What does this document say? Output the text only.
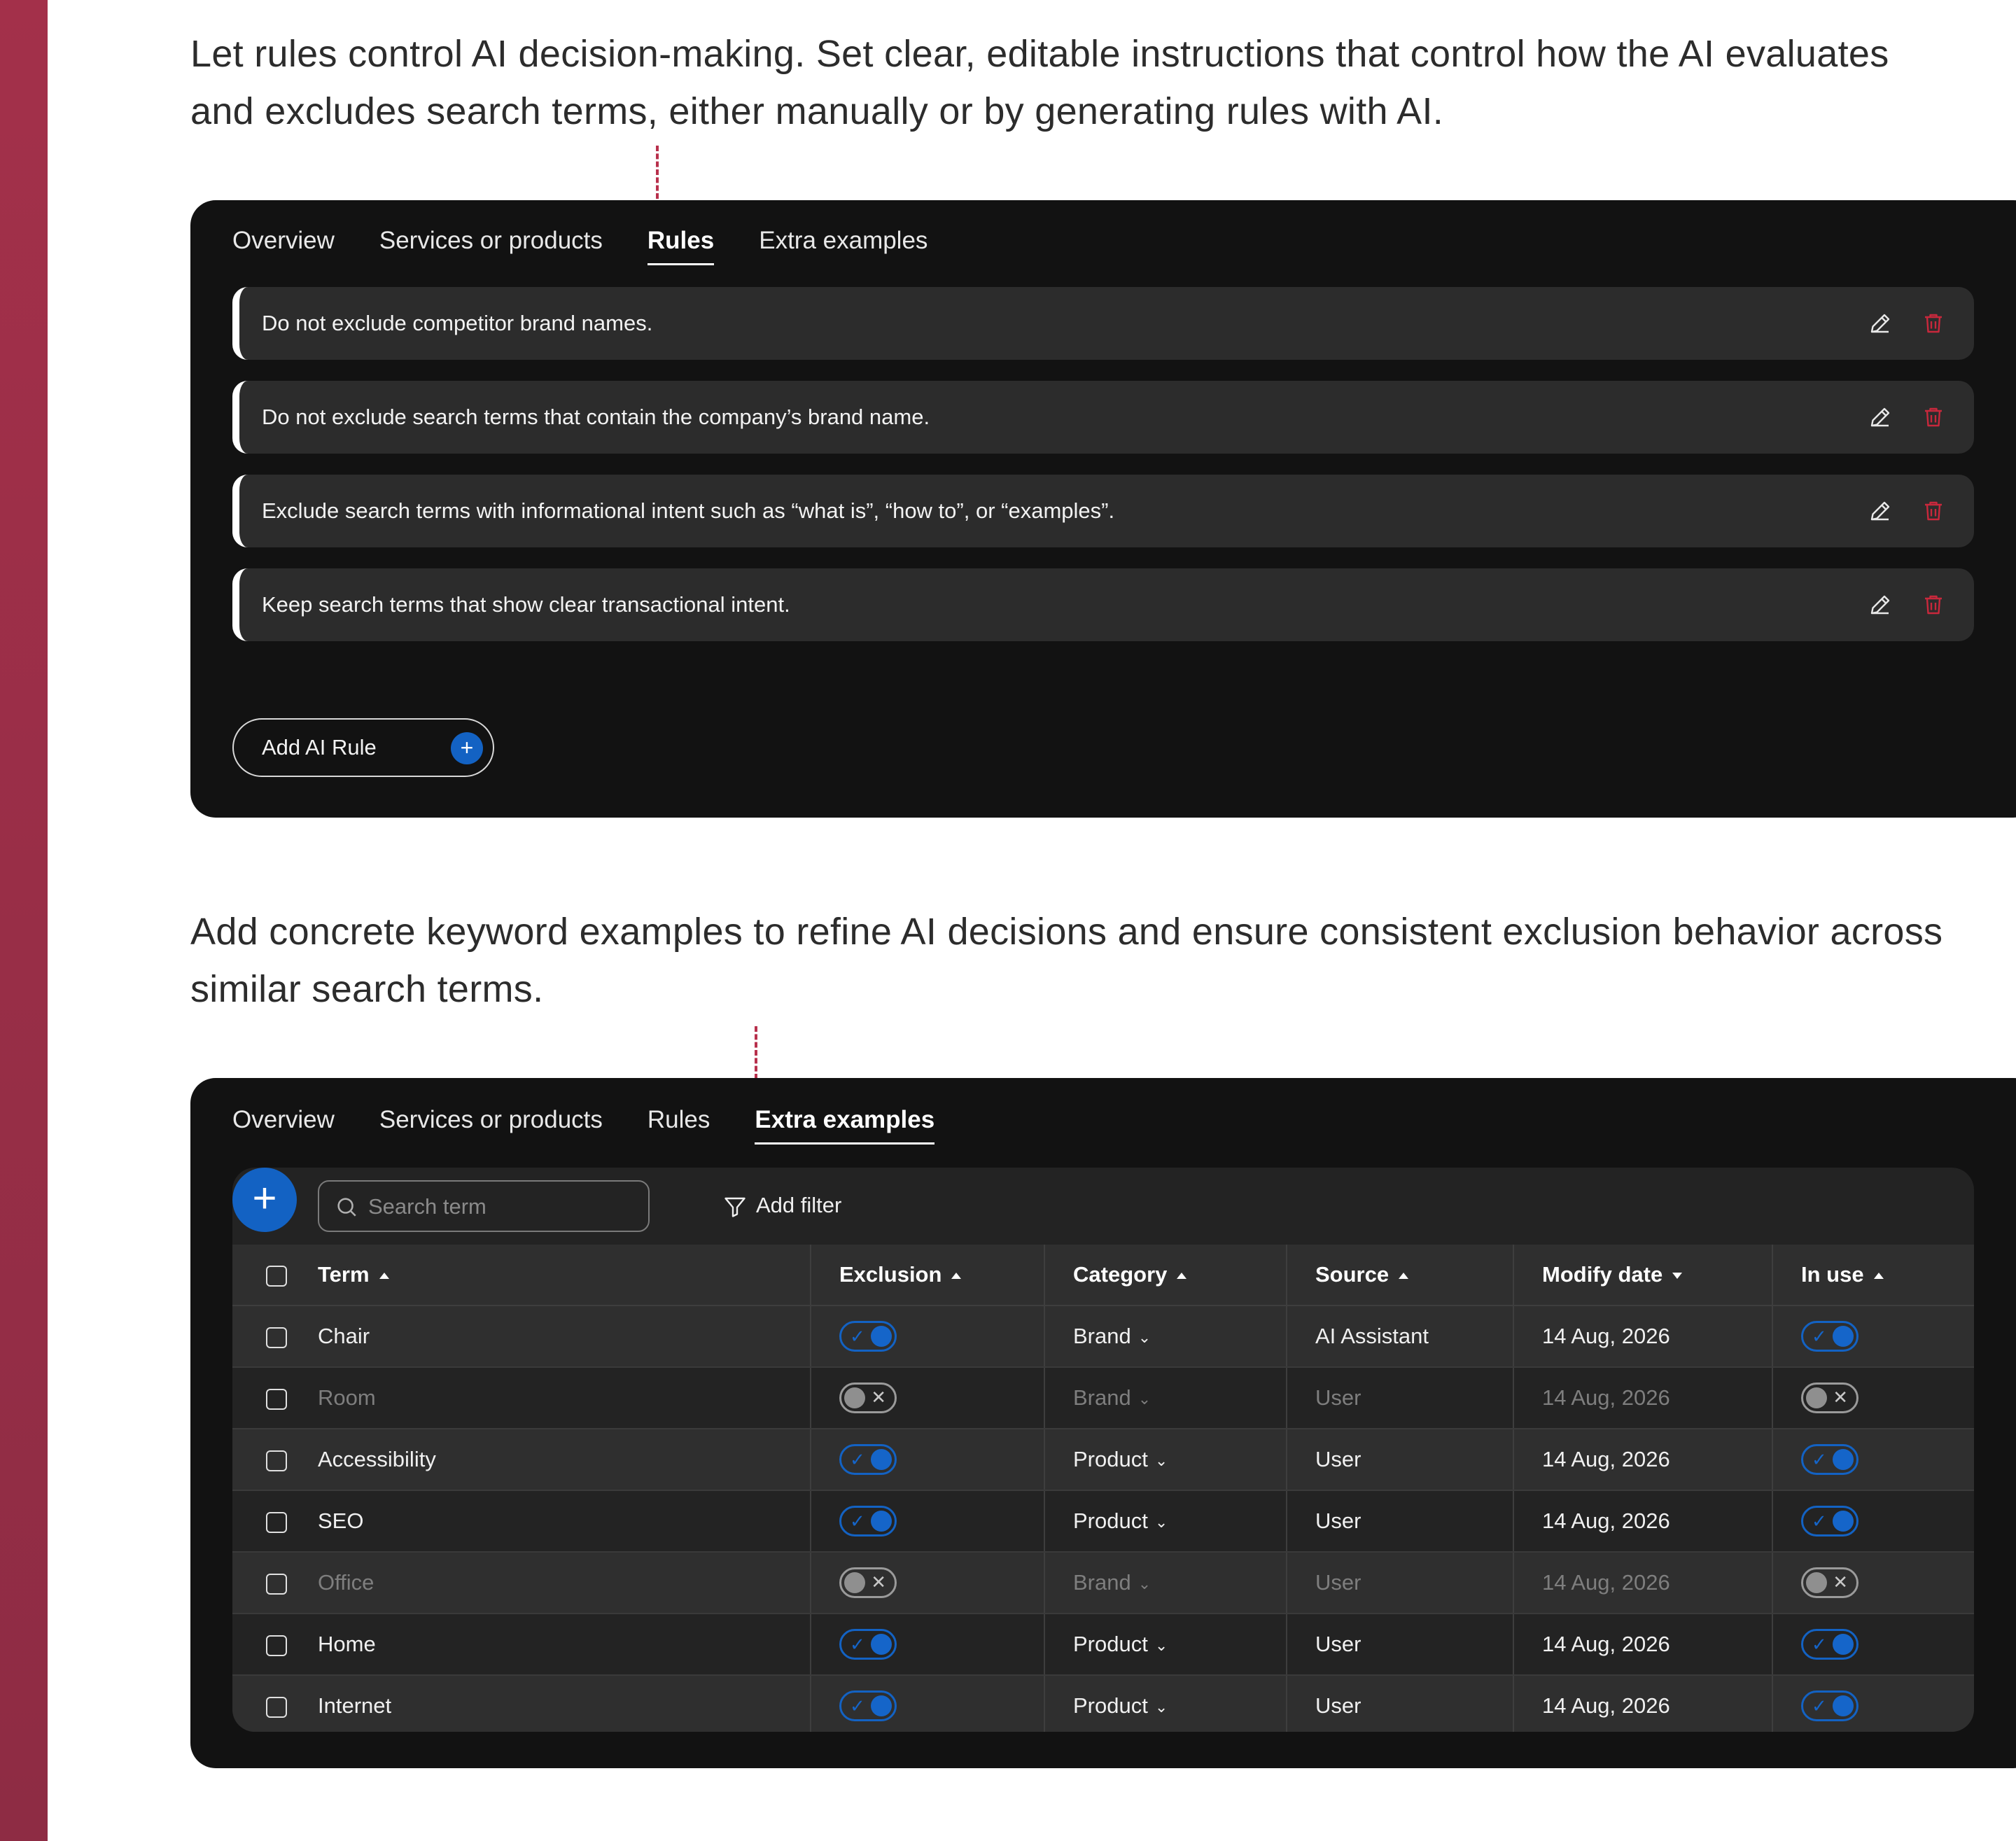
Let rules control AI decision-making. Set clear, editable instructions that control how the AI evaluates and excludes search terms, either manually or by generating rules with AI.

Overview Services or products Rules Extra examples
Do not exclude competitor brand names.
Do not exclude search terms that contain the company’s brand name.
Exclude search terms with informational intent such as “what is”, “how to”, or “examples”.
Keep search terms that show clear transactional intent.
Add AI Rule	+

Add concrete keyword examples to refine AI decisions and ensure consistent exclusion behavior across similar search terms.

Overview Services or products Rules Extra examples
+
Search term	Add filter
	Term	Exclusion	Category	Source	Modify date	In use
	Chair	✓	Brand ⌄	AI Assistant	14 Aug, 2026	✓

	Room	✕	Brand ⌄	User	14 Aug, 2026	✕

	Accessibility	✓	Product ⌄	User	14 Aug, 2026	✓

	SEO	✓	Product ⌄	User	14 Aug, 2026	✓

	Office	✕	Brand ⌄	User	14 Aug, 2026	✕

	Home	✓	Product ⌄	User	14 Aug, 2026	✓

	Internet	✓	Product ⌄	User	14 Aug, 2026	✓
